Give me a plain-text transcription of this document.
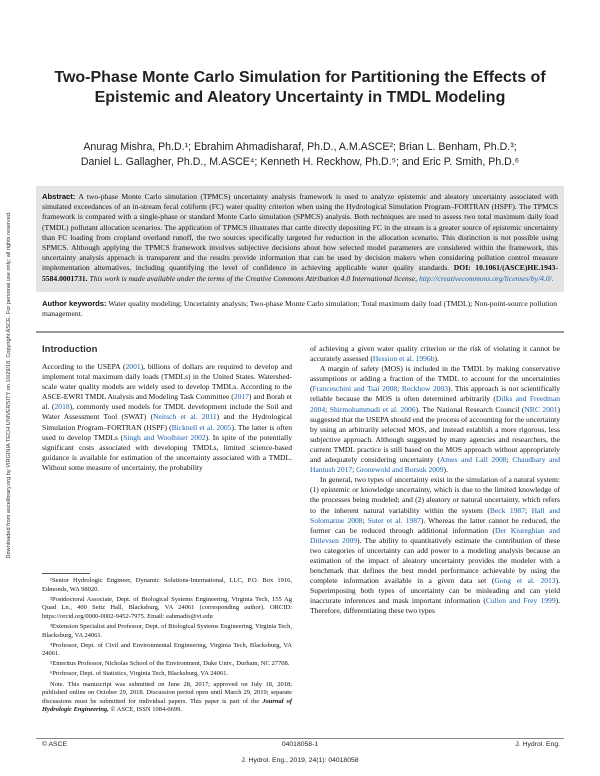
Downloaded from ascelibrary.org by VIRGINIA TECH UNIVERSITY on 10/29/18. Copyright ASCE. For personal use only; all rights reserved.
Two-Phase Monte Carlo Simulation for Partitioning the Effects of Epistemic and Aleatory Uncertainty in TMDL Modeling
Anurag Mishra, Ph.D.¹; Ebrahim Ahmadisharaf, Ph.D., A.M.ASCE²; Brian L. Benham, Ph.D.³;
Daniel L. Gallagher, Ph.D., M.ASCE⁴; Kenneth H. Reckhow, Ph.D.⁵; and Eric P. Smith, Ph.D.⁶

Abstract: A two-phase Monte Carlo simulation (TPMCS) uncertainty analysis framework is used to analyze epistemic and aleatory uncertainty associated with simulated exceedances of an in-stream fecal coliform (FC) water quality criterion when using the Hydrological Simulation Program–FORTRAN (HSPF). The TPMCS framework is compared with a single-phase or standard Monte Carlo simulation (SPMCS) analysis. Both techniques are used to assess two total maximum daily load (TMDL) pollutant allocation scenarios. The application of TPMCS illustrates that cattle directly depositing FC in the stream is a greater source of epistemic uncertainty than FC loading from cropland overland runoff, the two sources specifically targeted for reduction in the allocation scenario. This distinction is not possible using SPMCS. Although applying the TPMCS framework involves subjective decisions about how selected model parameters are considered within the framework, this uncertainty analysis approach is transparent and the results provide information that can be used by decision makers when considering pollution control measure implementation alternatives, including quantifying the level of confidence in achieving applicable water quality standards. DOI: 10.1061/(ASCE)HE.1943-5584.0001731. This work is made available under the terms of the Creative Commons Attribution 4.0 International license, http://creativecommons.org/licenses/by/4.0/.

Author keywords: Water quality modeling; Uncertainty analysis; Two-phase Monte Carlo simulation; Total maximum daily load (TMDL); Non-point-source pollution management.

Introduction

According to the USEPA (2001), billions of dollars are required to develop and implement total maximum daily loads (TMDLs) in the United States. Watershed-scale water quality models are widely used to develop TMDLs. According to the ASCE-EWRI TMDL Analysis and Modeling Task Committee (2017) and Borah et al. (2018), commonly used models for TMDL development include the Soil and Water Assessment Tool (SWAT) (Neitsch et al. 2011) and the Hydrological Simulation Program–FORTRAN (HSPF) (Bicknell et al. 2005). The latter is often used to develop TMDLs (Singh and Woolhiser 2002). In spite of the potentially significant costs associated with developing TMDLs, limited science-based guidance is available for estimation of the uncertainty associated with a TMDL. Without some measure of uncertainty, the probability

of achieving a given water quality criterion or the risk of violating it cannot be accurately assessed (Hession et al. 1996b).

A margin of safety (MOS) is included in the TMDL by making conservative assumptions or adding a fraction of the TMDL to account for the uncertainties (Franceschini and Tsai 2008; Reckhow 2003). This approach is not scientifically reliable because the MOS is often determined arbitrarily (Dilks and Freedman 2004; Shirmohammadi et al. 2006). The National Research Council (NRC 2001) suggested that the USEPA should end the process of accounting for the uncertainty by using an arbitrarily selected MOS, and instead establish a more rigorous, less subjective approach. Although suggested by many agencies and researchers, the current TMDL practice is still based on the MOS approach without appropriately and adequately considering uncertainty (Ames and Lall 2008; Chaudhary and Hantush 2017; Gronewold and Borsuk 2009).

In general, two types of uncertainty exist in the simulation of a natural system: (1) epistemic or knowledge uncertainty, which is due to the limited knowledge of the processes being modeled; and (2) aleatory or natural uncertainty, which refers to the inherent natural variability within the system (Beck 1987; Hall and Solomatine 2008; Suter et al. 1987). Whereas the latter cannot be reduced, the former can be reduced through additional information (Der Kiureghian and Ditlevsen 2009). The ability to quantitatively estimate the contribution of these two categories of uncertainty can add power to a modeling analysis because an estimation of the impact of aleatory uncertainty provides the modeler with a benchmark that defines the best model performance achievable by using the complete information available in a given data set (Gong et al. 2013). Superimposing both types of uncertainty can be misleading and can yield inaccurate inferences and mask important information (Cullen and Frey 1999). Therefore, differentiating these two types

¹Senior Hydrologic Engineer, Dynamic Solutions-International, LLC, P.O. Box 1916, Edmonds, WA 98020.

²Postdoctoral Associate, Dept. of Biological Systems Engineering, Virginia Tech, 155 Ag Quad Ln., 400 Seitz Hall, Blacksburg, VA 24061 (corresponding author). ORCID: https://orcid.org/0000-0002-9452-7975. Email: eahmadis@vt.edu

³Extension Specialist and Professor, Dept. of Biological Systems Engineering, Virginia Tech, Blacksburg, VA 24061.

⁴Professor, Dept. of Civil and Environmental Engineering, Virginia Tech, Blacksburg, VA 24061.

⁵Emeritus Professor, Nicholas School of the Environment, Duke Univ., Durham, NC 27708.

⁶Professor, Dept. of Statistics, Virginia Tech, Blacksburg, VA 24061.

Note. This manuscript was submitted on June 28, 2017; approved on July 18, 2018; published online on October 29, 2018. Discussion period open until March 29, 2019; separate discussions must be submitted for individual papers. This paper is part of the Journal of Hydrologic Engineering, © ASCE, ISSN 1084-0699.

© ASCE	04018058-1	J. Hydrol. Eng.
J. Hydrol. Eng., 2019, 24(1): 04018058
